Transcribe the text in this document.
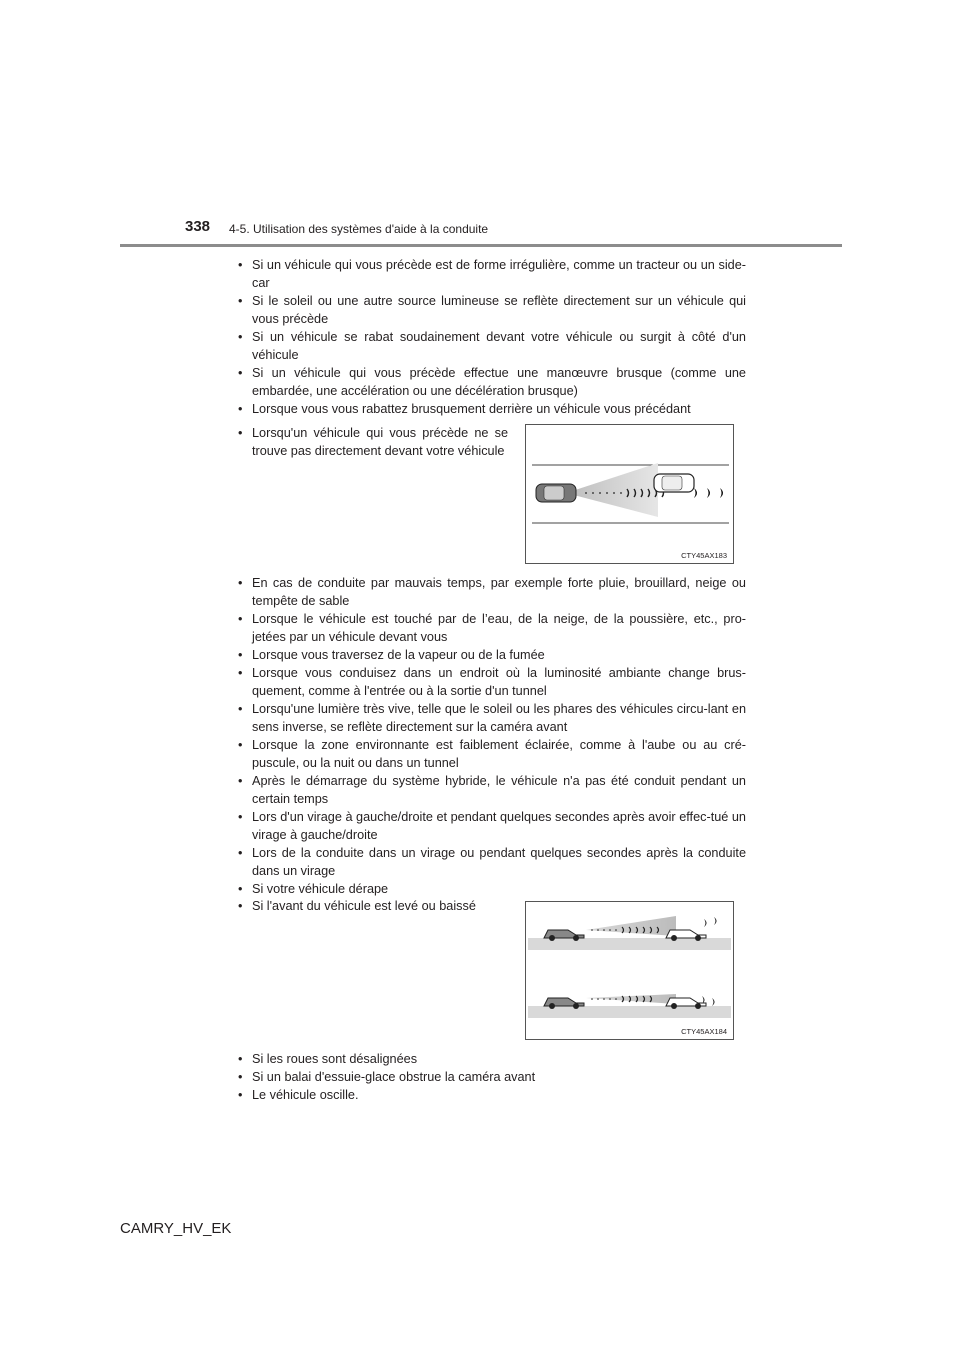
338 4-5. Utilisation des systèmes d'aide à la conduite
• Si un véhicule qui vous précède est de forme irrégulière, comme un tracteur ou un side-car
• Si le soleil ou une autre source lumineuse se reflète directement sur un véhicule qui vous précède
• Si un véhicule se rabat soudainement devant votre véhicule ou surgit à côté d'un véhicule
• Si un véhicule qui vous précède effectue une manœuvre brusque (comme une embardée, une accélération ou une décélération brusque)
• Lorsque vous vous rabattez brusquement derrière un véhicule vous précédant
• Lorsqu'un véhicule qui vous précède ne se trouve pas directement devant votre véhicule
CTY45AX183
• En cas de conduite par mauvais temps, par exemple forte pluie, brouillard, neige ou tempête de sable
• Lorsque le véhicule est touché par de l’eau, de la neige, de la poussière, etc., pro-jetées par un véhicule devant vous
• Lorsque vous traversez de la vapeur ou de la fumée
• Lorsque vous conduisez dans un endroit où la luminosité ambiante change brus-quement, comme à l'entrée ou à la sortie d'un tunnel
• Lorsqu'une lumière très vive, telle que le soleil ou les phares des véhicules circu-lant en sens inverse, se reflète directement sur la caméra avant
• Lorsque la zone environnante est faiblement éclairée, comme à l'aube ou au cré-puscule, ou la nuit ou dans un tunnel
• Après le démarrage du système hybride, le véhicule n'a pas été conduit pendant un certain temps
• Lors d'un virage à gauche/droite et pendant quelques secondes après avoir effec-tué un virage à gauche/droite
• Lors de la conduite dans un virage ou pendant quelques secondes après la conduite dans un virage
• Si votre véhicule dérape
• Si l'avant du véhicule est levé ou baissé
CTY45AX184
• Si les roues sont désalignées
• Si un balai d'essuie-glace obstrue la caméra avant
• Le véhicule oscille.
CAMRY_HV_EK
